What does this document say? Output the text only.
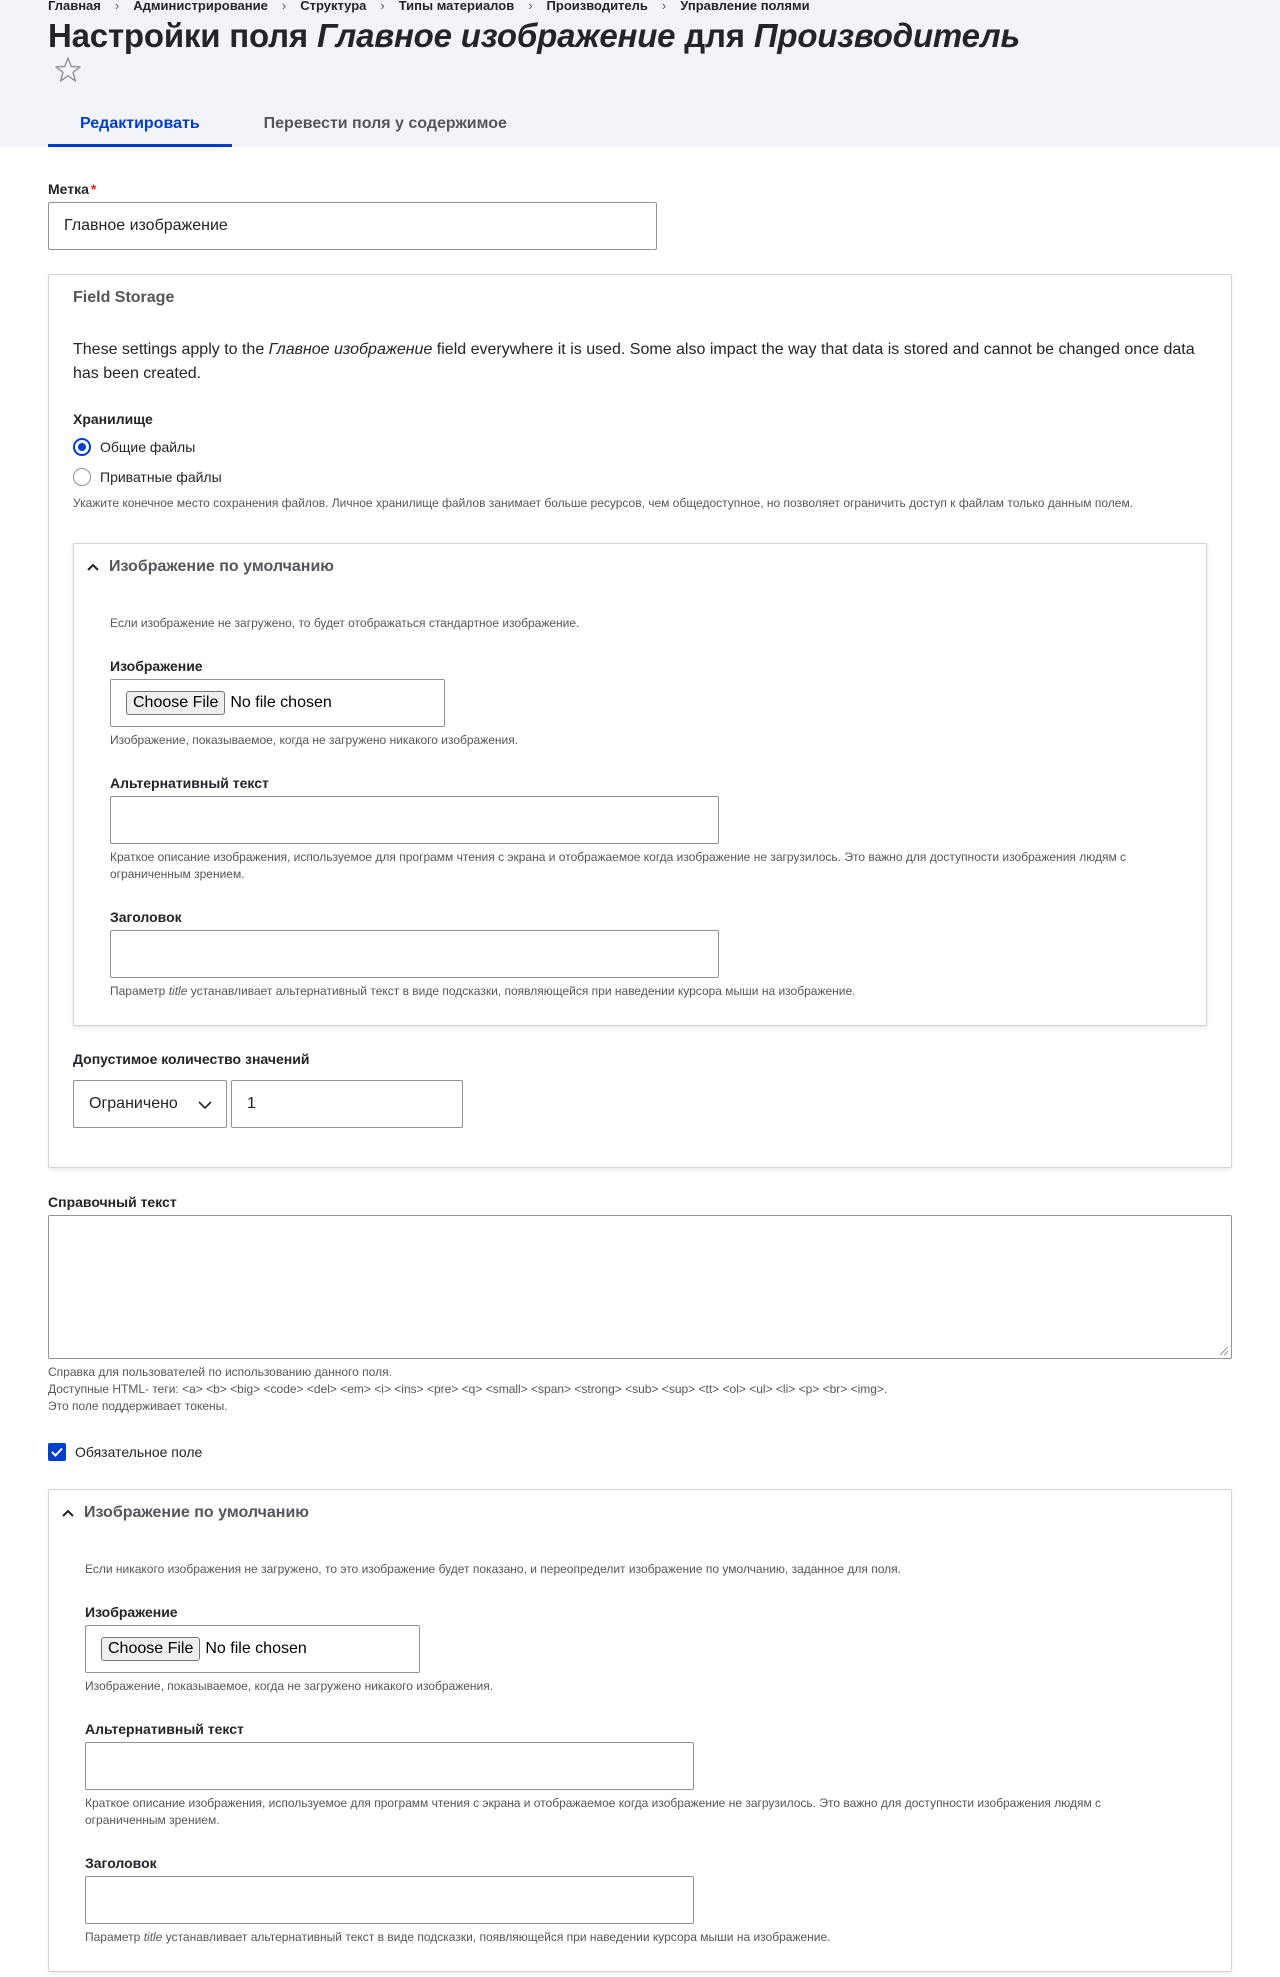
Главная › Администрирование › Структура › Типы материалов › Производитель › Управление полями
Настройки поля Главное изображение для Производитель
Редактировать	Перевести поля у содержимое
Метка *
Главное изображение
Field Storage
These settings apply to the Главное изображение field everywhere it is used. Some also impact the way that data is stored and cannot be changed once data has been created.
Хранилище
Общие файлы
Приватные файлы
Укажите конечное место сохранения файлов. Личное хранилище файлов занимает больше ресурсов, чем общедоступное, но позволяет ограничить доступ к файлам только данным полем.
Изображение по умолчанию
Если изображение не загружено, то будет отображаться стандартное изображение.
Изображение
Choose File No file chosen
Изображение, показываемое, когда не загружено никакого изображения.
Альтернативный текст
Краткое описание изображения, используемое для программ чтения с экрана и отображаемое когда изображение не загрузилось. Это важно для доступности изображения людям с ограниченным зрением.
Заголовок
Параметр title устанавливает альтернативный текст в виде подсказки, появляющейся при наведении курсора мыши на изображение.
Допустимое количество значений
Ограничено	1
Справочный текст
Справка для пользователей по использованию данного поля.
Доступные HTML- теги: <a> <b> <big> <code> <del> <em> <i> <ins> <pre> <q> <small> <span> <strong> <sub> <sup> <tt> <ol> <ul> <li> <p> <br> <img>.
Это поле поддерживает токены.
Обязательное поле
Изображение по умолчанию
Если никакого изображения не загружено, то это изображение будет показано, и переопределит изображение по умолчанию, заданное для поля.
Изображение
Choose File No file chosen
Изображение, показываемое, когда не загружено никакого изображения.
Альтернативный текст
Краткое описание изображения, используемое для программ чтения с экрана и отображаемое когда изображение не загрузилось. Это важно для доступности изображения людям с ограниченным зрением.
Заголовок
Параметр title устанавливает альтернативный текст в виде подсказки, появляющейся при наведении курсора мыши на изображение.
